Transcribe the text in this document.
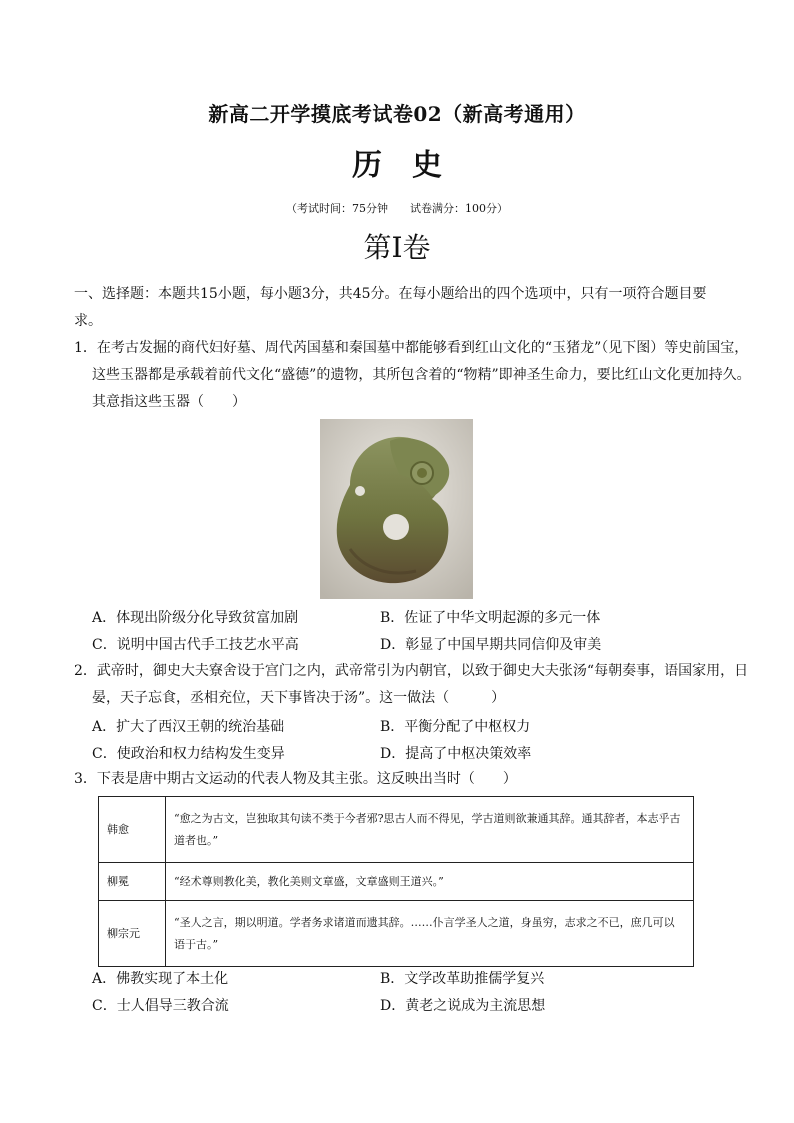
新高二开学摸底考试卷02（新高考通用）
历史
（考试时间：75分钟　　试卷满分：100分）
第Ⅰ卷
一、选择题：本题共15小题，每小题3分，共45分。在每小题给出的四个选项中，只有一项符合题目要求。
1．在考古发掘的商代妇好墓、周代芮国墓和秦国墓中都能够看到红山文化的“玉猪龙”（见下图）等史前国宝，这些玉器都是承载着前代文化“盛德”的遗物，其所包含着的“物精”即神圣生命力，要比红山文化更加持久。其意指这些玉器（　　）
A．体现出阶级分化导致贫富加剧	B．佐证了中华文明起源的多元一体
C．说明中国古代手工技艺水平高	D．彰显了中国早期共同信仰及审美
2．武帝时，御史大夫寮舍设于宫门之内，武帝常引为内朝官，以致于御史大夫张汤“每朝奏事，语国家用，日晏，天子忘食，丞相充位，天下事皆决于汤”。这一做法（　　　）
A．扩大了西汉王朝的统治基础	B．平衡分配了中枢权力
C．使政治和权力结构发生变异	D．提高了中枢决策效率
3．下表是唐中期古文运动的代表人物及其主张。这反映出当时（　　）
韩愈	“愈之为古文，岂独取其句读不类于今者邪?思古人而不得见，学古道则欲兼通其辞。通其辞者，本志乎古道者也。”
柳冕	“经术尊则教化美，教化美则文章盛，文章盛则王道兴。”
柳宗元	“圣人之言，期以明道。学者务求诸道而遗其辞。……仆言学圣人之道，身虽穷，志求之不已，庶几可以语于古。”
A．佛教实现了本土化	B．文学改革助推儒学复兴
C．士人倡导三教合流	D．黄老之说成为主流思想
